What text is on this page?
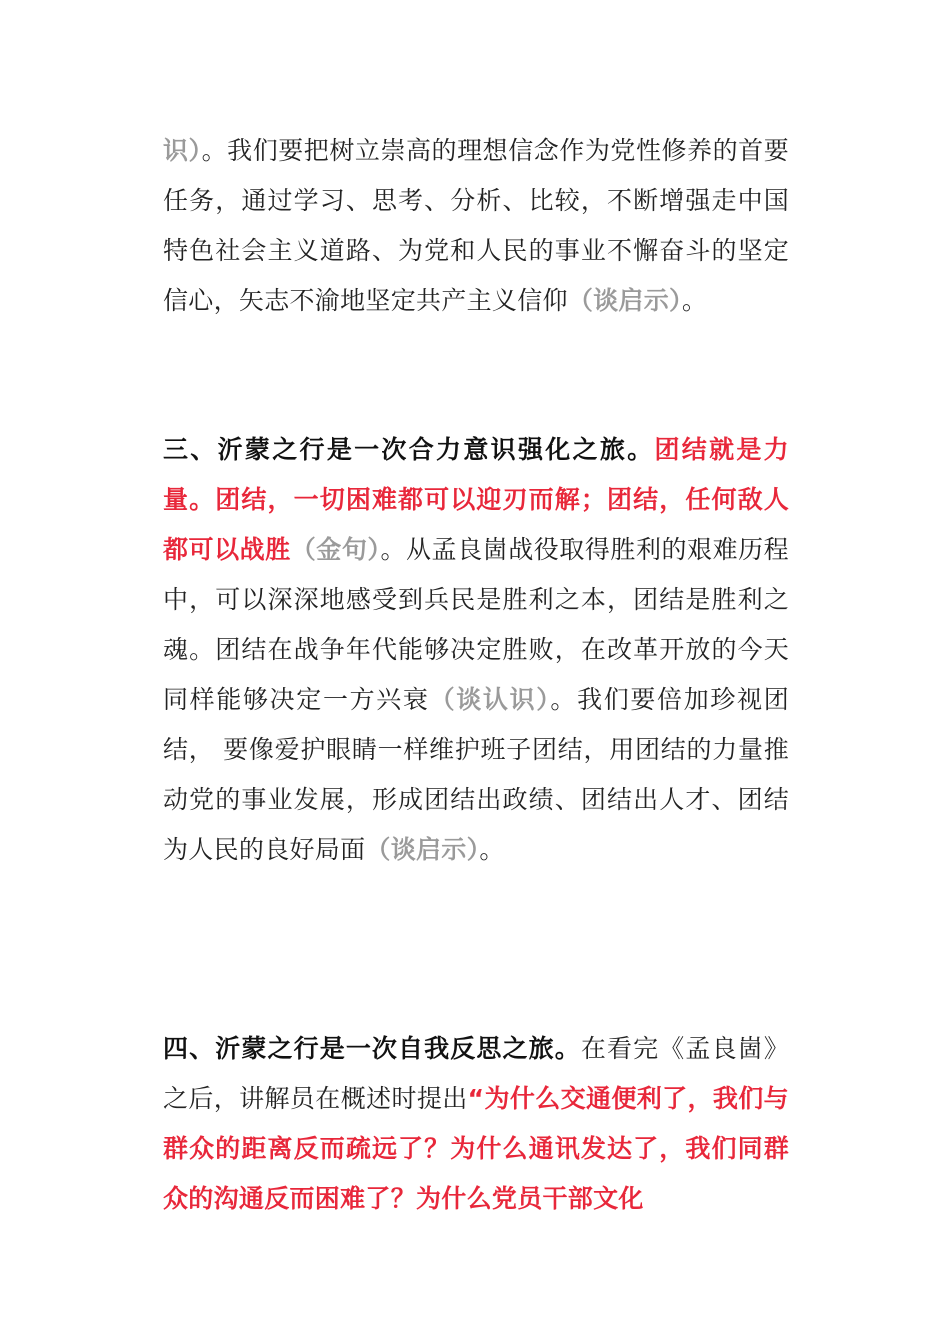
识）。我们要把树立崇高的理想信念作为党性修养的首要任务，通过学习、思考、分析、比较，不断增强走中国特色社会主义道路、为党和人民的事业不懈奋斗的坚定信心，矢志不渝地坚定共产主义信仰（谈启示）。

三、沂蒙之行是一次合力意识强化之旅。团结就是力量。团结，一切困难都可以迎刃而解；团结，任何敌人都可以战胜（金句）。从孟良崮战役取得胜利的艰难历程中，可以深深地感受到兵民是胜利之本，团结是胜利之魂。团结在战争年代能够决定胜败，在改革开放的今天同样能够决定一方兴衰（谈认识）。我们要倍加珍视团结， 要像爱护眼睛一样维护班子团结，用团结的力量推动党的事业发展，形成团结出政绩、团结出人才、团结为人民的良好局面（谈启示）。

四、沂蒙之行是一次自我反思之旅。在看完《孟良崮》之后，讲解员在概述时提出“为什么交通便利了，我们与群众的距离反而疏远了？为什么通讯发达了，我们同群众的沟通反而困难了？为什么党员干部文化
